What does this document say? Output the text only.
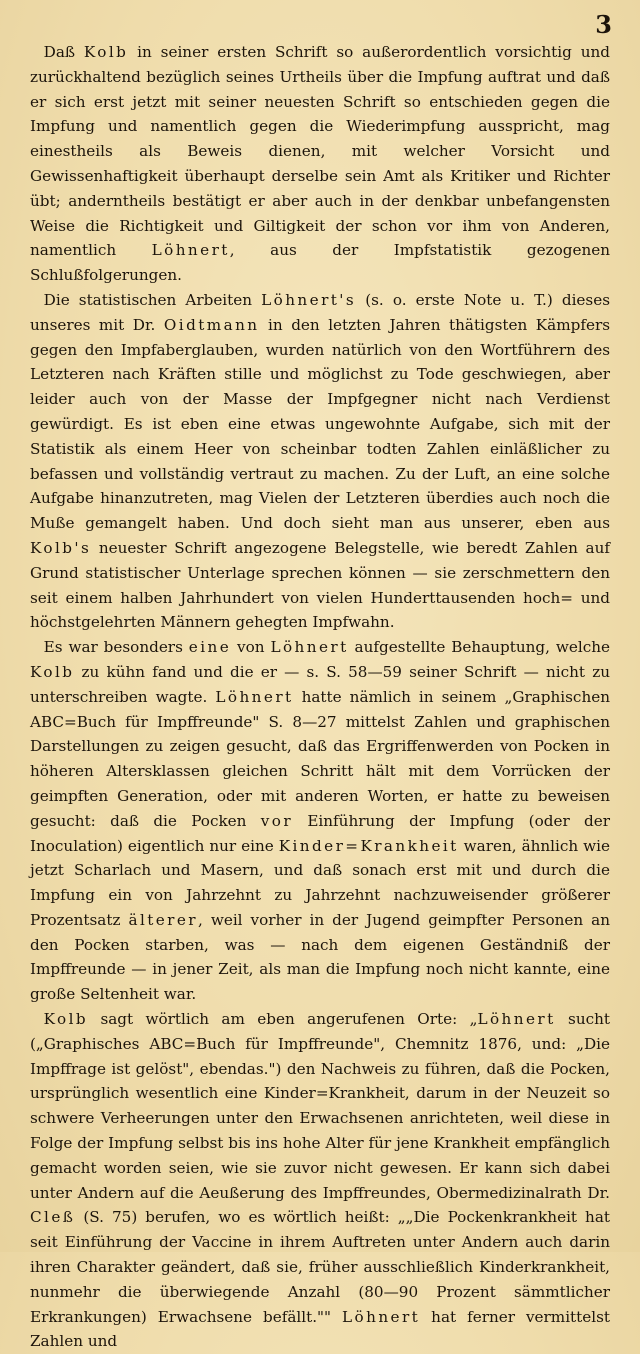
3

Daß Kolb in seiner ersten Schrift so außerordentlich vorsichtig und zurückhaltend bezüglich seines Urtheils über die Impfung auftrat und daß er sich erst jetzt mit seiner neuesten Schrift so entschieden gegen die Impfung und namentlich gegen die Wiederimpfung ausspricht, mag einestheils als Beweis dienen, mit welcher Vorsicht und Gewissenhaftigkeit überhaupt derselbe sein Amt als Kritiker und Richter übt; anderntheils bestätigt er aber auch in der denkbar unbefangensten Weise die Richtigkeit und Giltigkeit der schon vor ihm von Anderen, namentlich Löhnert, aus der Impfstatistik gezogenen Schlußfolgerungen.

Die statistischen Arbeiten Löhnert's (s. o. erste Note u. T.) dieses unseres mit Dr. Oidtmann in den letzten Jahren thätigsten Kämpfers gegen den Impfaberglauben, wurden natürlich von den Wortführern des Letzteren nach Kräften stille und möglichst zu Tode geschwiegen, aber leider auch von der Masse der Impfgegner nicht nach Verdienst gewürdigt. Es ist eben eine etwas ungewohnte Aufgabe, sich mit der Statistik als einem Heer von scheinbar todten Zahlen einläßlicher zu befassen und vollständig vertraut zu machen. Zu der Luft, an eine solche Aufgabe hinanzutreten, mag Vielen der Letzteren überdies auch noch die Muße gemangelt haben. Und doch sieht man aus unserer, eben aus Kolb's neuester Schrift angezogene Belegstelle, wie beredt Zahlen auf Grund statistischer Unterlage sprechen können — sie zerschmettern den seit einem halben Jahrhundert von vielen Hunderttausenden hoch= und höchstgelehrten Männern gehegten Impfwahn.

Es war besonders eine von Löhnert aufgestellte Behauptung, welche Kolb zu kühn fand und die er — s. S. 58—59 seiner Schrift — nicht zu unterschreiben wagte. Löhnert hatte nämlich in seinem „Graphischen ABC=Buch für Impffreunde" S. 8—27 mittelst Zahlen und graphischen Darstellungen zu zeigen gesucht, daß das Ergriffenwerden von Pocken in höheren Altersklassen gleichen Schritt hält mit dem Vorrücken der geimpften Generation, oder mit anderen Worten, er hatte zu beweisen gesucht: daß die Pocken vor Einführung der Impfung (oder der Inoculation) eigentlich nur eine Kinder=Krankheit waren, ähnlich wie jetzt Scharlach und Masern, und daß sonach erst mit und durch die Impfung ein von Jahrzehnt zu Jahrzehnt nachzuweisender größerer Prozentsatz älterer, weil vorher in der Jugend geimpfter Personen an den Pocken starben, was — nach dem eigenen Geständniß der Impffreunde — in jener Zeit, als man die Impfung noch nicht kannte, eine große Seltenheit war.

Kolb sagt wörtlich am eben angerufenen Orte: „Löhnert sucht („Graphisches ABC=Buch für Impffreunde", Chemnitz 1876, und: „Die Impffrage ist gelöst", ebendas.") den Nachweis zu führen, daß die Pocken, ursprünglich wesentlich eine Kinder=Krankheit, darum in der Neuzeit so schwere Verheerungen unter den Erwachsenen anrichteten, weil diese in Folge der Impfung selbst bis ins hohe Alter für jene Krankheit empfänglich gemacht worden seien, wie sie zuvor nicht gewesen. Er kann sich dabei unter Andern auf die Aeußerung des Impffreundes, Obermedizinalrath Dr. Cleß (S. 75) berufen, wo es wörtlich heißt: „„Die Pockenkrankheit hat seit Einführung der Vaccine in ihrem Auftreten unter Andern auch darin ihren Charakter geändert, daß sie, früher ausschließlich Kinderkrankheit, nunmehr die überwiegende Anzahl (80—90 Prozent sämmtlicher Erkrankungen) Erwachsene befällt."" Löhnert hat ferner vermittelst Zahlen und
